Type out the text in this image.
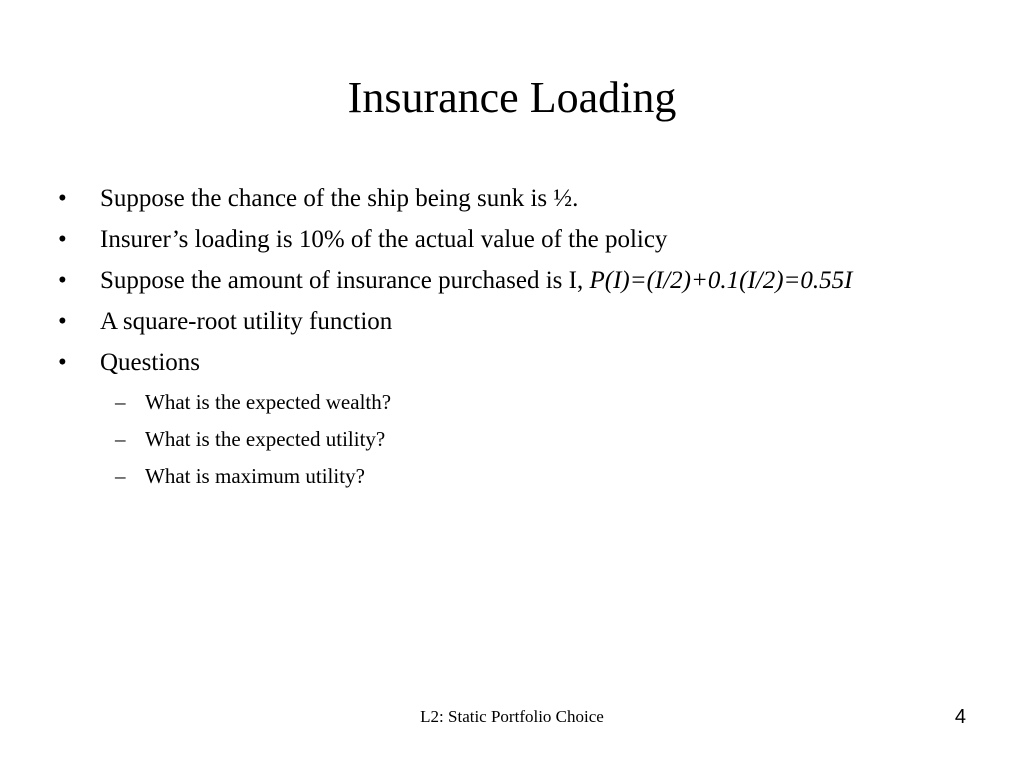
Insurance Loading
•	Suppose the chance of the ship being sunk is ½.
•	Insurer’s loading is 10% of the actual value of the policy
•	Suppose the amount of insurance purchased is I, P(I)=(I/2)+0.1(I/2)=0.55I
•	A square-root utility function
•	Questions
– What is the expected wealth?
– What is the expected utility?
– What is maximum utility?
L2: Static Portfolio Choice	4
